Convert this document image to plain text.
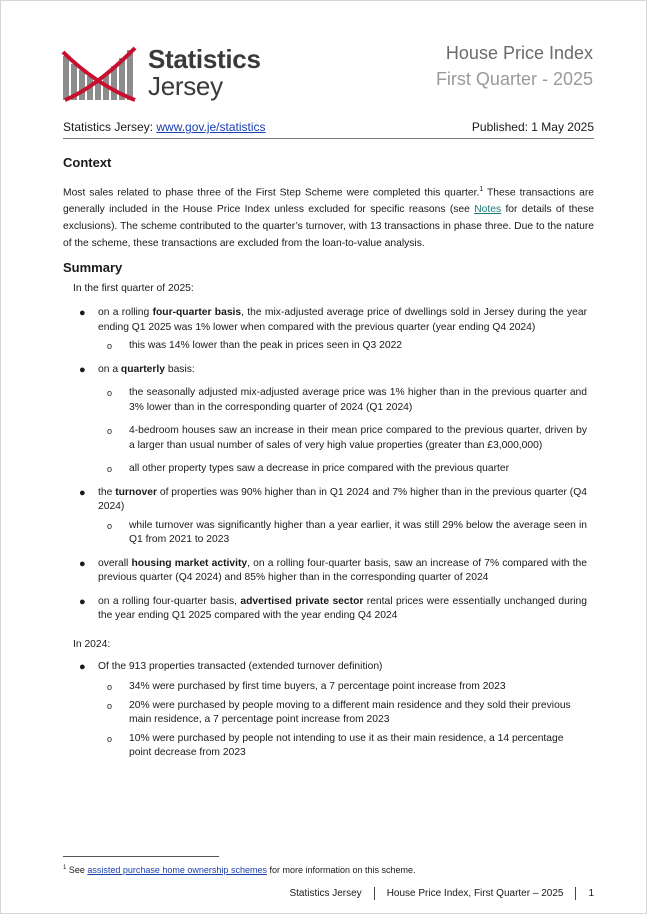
Statistics
Jersey
House Price Index
First Quarter - 2025
Statistics Jersey: www.gov.je/statistics	Published: 1 May 2025
Context
Most sales related to phase three of the First Step Scheme were completed this quarter.$^1$ These transactions are generally included in the House Price Index unless excluded for specific reasons (see Notes for details of these exclusions). The scheme contributed to the quarter’s turnover, with 13 transactions in phase three. Due to the nature of the scheme, these transactions are excluded from the loan-to-value analysis.
Summary
In the first quarter of 2025:
● on a rolling four-quarter basis, the mix-adjusted average price of dwellings sold in Jersey during the year ending Q1 2025 was 1% lower when compared with the previous quarter (year ending Q4 2024)
o this was 14% lower than the peak in prices seen in Q3 2022
● on a quarterly basis:
o the seasonally adjusted mix-adjusted average price was 1% higher than in the previous quarter and 3% lower than in the corresponding quarter of 2024 (Q1 2024)
o 4-bedroom houses saw an increase in their mean price compared to the previous quarter, driven by a larger than usual number of sales of very high value properties (greater than £3,000,000)
o all other property types saw a decrease in price compared with the previous quarter
● the turnover of properties was 90% higher than in Q1 2024 and 7% higher than in the previous quarter (Q4 2024)
o while turnover was significantly higher than a year earlier, it was still 29% below the average seen in Q1 from 2021 to 2023
● overall housing market activity, on a rolling four-quarter basis, saw an increase of 7% compared with the previous quarter (Q4 2024) and 85% higher than in the corresponding quarter of 2024
● on a rolling four-quarter basis, advertised private sector rental prices were essentially unchanged during the year ending Q1 2025 compared with the year ending Q4 2024
In 2024:
● Of the 913 properties transacted (extended turnover definition)
o 34% were purchased by first time buyers, a 7 percentage point increase from 2023
o 20% were purchased by people moving to a different main residence and they sold their previous main residence, a 7 percentage point increase from 2023
o 10% were purchased by people not intending to use it as their main residence, a 14 percentage point decrease from 2023
$^1$ See assisted purchase home ownership schemes for more information on this scheme.
Statistics Jersey	House Price Index, First Quarter – 2025	1
